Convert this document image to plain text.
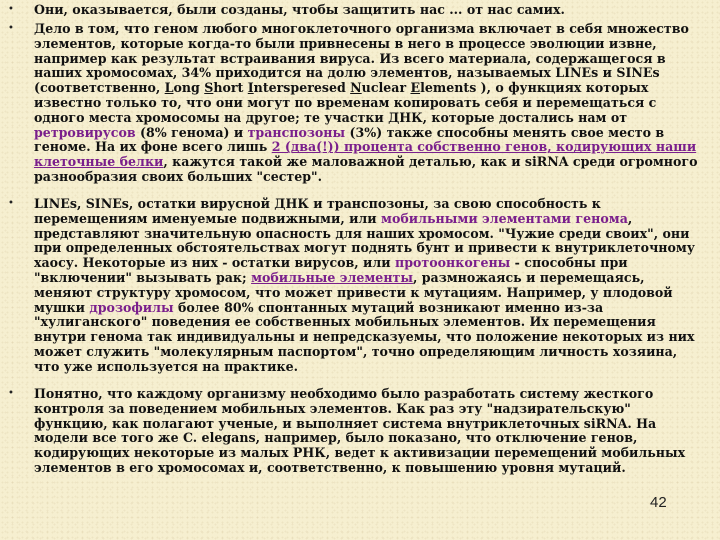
• Они, оказывается, были созданы, чтобы защитить нас ... от нас самих.
• Дело в том, что геном любого многоклеточного организма включает в себя множество элементов, которые когда-то были привнесены в него в процессе эволюции извне, например как результат встраивания вируса. Из всего материала, содержащегося в наших хромосомах, 34% приходится на долю элементов, называемых LINEs и SINEs (соответственно, Long Short Intersperesed Nuclear Elements ), о функциях которых известно только то, что они могут по временам копировать себя и перемещаться с одного места хромосомы на другое; те участки ДНК, которые достались нам от ретровирусов (8% генома) и транспозоны (3%) также способны менять свое место в геноме. На их фоне всего лишь 2 (два(!)) процента собственно генов, кодирующих наши клеточные белки, кажутся такой же маловажной деталью, как и siRNA среди огромного разнообразия своих больших "сестер".
• LINEs, SINEs, остатки вирусной ДНК и транспозоны, за свою способность к перемещениям именуемые подвижными, или мобильными элементами генома, представляют значительную опасность для наших хромосом. "Чужие среди своих", они при определенных обстоятельствах могут поднять бунт и привести к внутриклеточному хаосу. Некоторые из них - остатки вирусов, или протоонкогены - способны при "включении" вызывать рак; мобильные элементы, размножаясь и перемещаясь, меняют структуру хромосом, что может привести к мутациям. Например, у плодовой мушки дрозофилы более 80% спонтанных мутаций возникают именно из-за "хулиганского" поведения ее собственных мобильных элементов. Их перемещения внутри генома так индивидуальны и непредсказуемы, что положение некоторых из них может служить "молекулярным паспортом", точно определяющим личность хозяина, что уже используется на практике.
• Понятно, что каждому организму необходимо было разработать систему жесткого контроля за поведением мобильных элементов. Как раз эту "надзирательскую" функцию, как полагают ученые, и выполняет система внутриклеточных siRNA. На модели все того же C. elegans, например, было показано, что отключение генов, кодирующих некоторые из малых РНК, ведет к активизации перемещений мобильных элементов в его хромосомах и, соответственно, к повышению уровня мутаций.
42
